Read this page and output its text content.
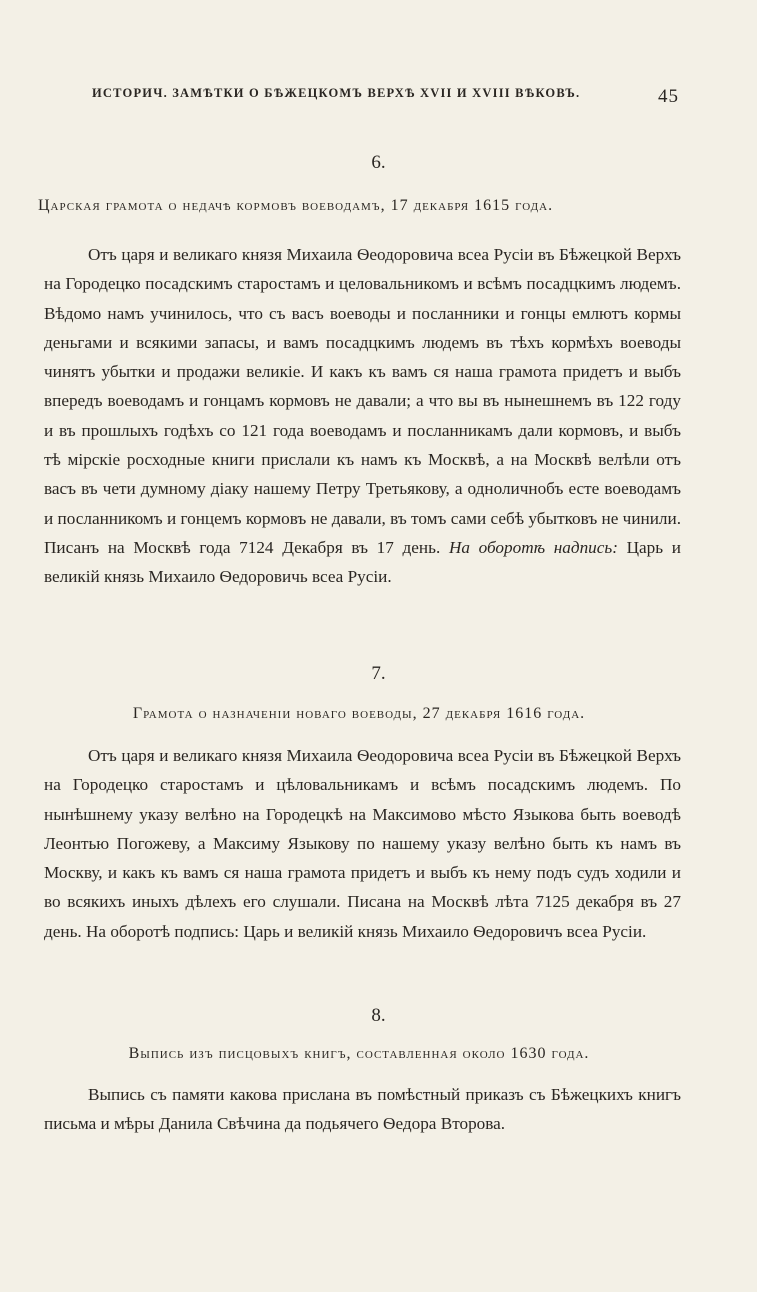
ИСТОРИЧ. ЗАМѢТКИ О БѢЖЕЦКОМЪ ВЕРХѢ XVII И XVIII ВѢКОВЪ.	45
6.
Царская грамота о недачѣ кормовъ воеводамъ, 17 декабря 1615 года.

Отъ царя и великаго князя Михаила Ѳеодоровича всеа Русіи въ Бѣжецкой Верхъ на Городецко посадскимъ старостамъ и целовальникомъ и всѣмъ посадцкимъ людемъ. Вѣдомо намъ учинилось, что съ васъ воеводы и посланники и гонцы емлютъ кормы деньгами и всякими запасы, и вамъ посадцкимъ людемъ въ тѣхъ кормѣхъ воеводы чинятъ убытки и продажи великіе. И какъ къ вамъ ся наша грамота придетъ и выбъ впередъ воеводамъ и гонцамъ кормовъ не давали; а что вы въ нынешнемъ въ 122 году и въ прошлыхъ годѣхъ со 121 года воеводамъ и посланникамъ дали кормовъ, и выбъ тѣ мірскіе росходные книги прислали къ намъ къ Москвѣ, а на Москвѣ велѣли отъ васъ въ чети думному діаку нашему Петру Третьякову, а одноличнобъ есте воеводамъ и посланникомъ и гонцемъ кормовъ не давали, въ томъ сами себѣ убытковъ не чинили. Писанъ на Москвѣ года 7124 Декабря въ 17 день. На оборотѣ надпись: Царь и великій князь Михаило Ѳедоровичь всеа Русіи.

7.
Грамота о назначеніи новаго воеводы, 27 декабря 1616 года.

Отъ царя и великаго князя Михаила Ѳеодоровича всеа Русіи въ Бѣжецкой Верхъ на Городецко старостамъ и цѣловальникамъ и всѣмъ посадскимъ людемъ. По нынѣшнему указу велѣно на Городецкѣ на Максимово мѣсто Языкова быть воеводѣ Леонтью Погожеву, а Максиму Языкову по нашему указу велѣно быть къ намъ въ Москву, и какъ къ вамъ ся наша грамота придетъ и выбъ къ нему подъ судъ ходили и во всякихъ иныхъ дѣлехъ его слушали. Писана на Москвѣ лѣта 7125 декабря въ 27 день. На оборотѣ подпись: Царь и великій князь Михаило Ѳедоровичъ всеа Русіи.

8.
Выпись изъ писцовыхъ книгъ, составленная около 1630 года.

Выпись съ памяти какова прислана въ помѣстный приказъ съ Бѣжецкихъ книгъ письма и мѣры Данила Свѣчина да подьячего Ѳедора Второва.
